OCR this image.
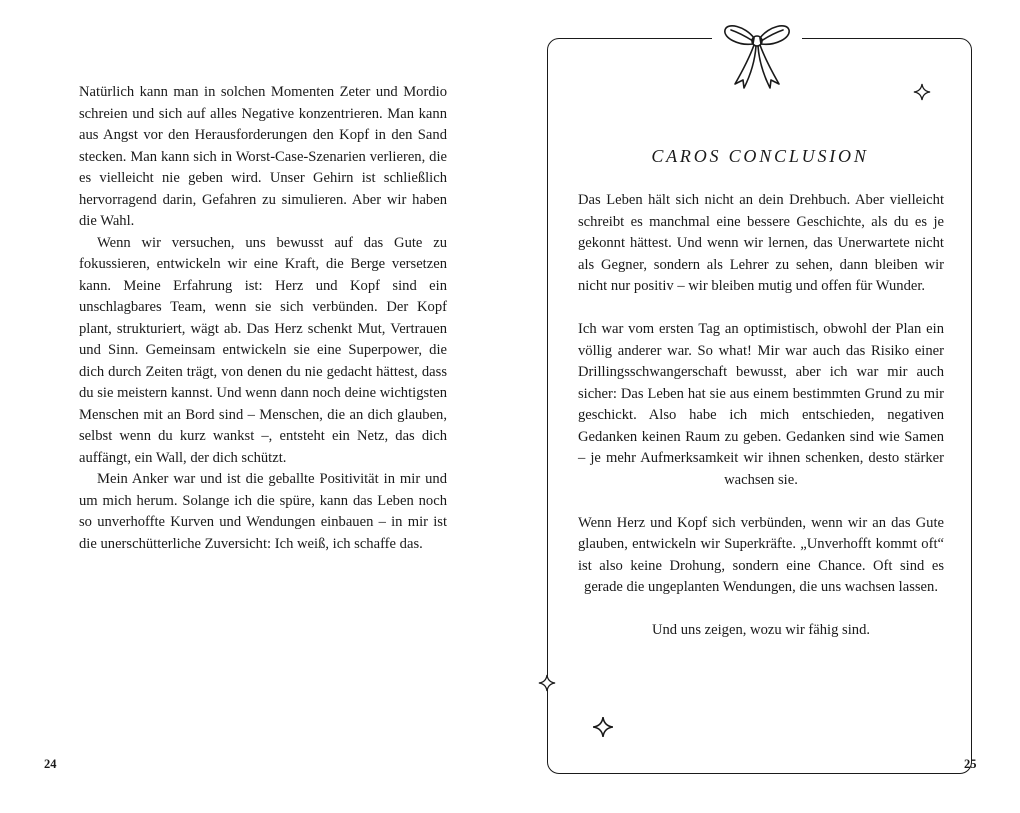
Natürlich kann man in solchen Momenten Zeter und Mordio schreien und sich auf alles Negative konzentrieren. Man kann aus Angst vor den Herausforderungen den Kopf in den Sand stecken. Man kann sich in Worst-Case-Szenarien verlieren, die es vielleicht nie geben wird. Unser Gehirn ist schließlich hervorragend darin, Gefahren zu simulieren. Aber wir haben die Wahl.
Wenn wir versuchen, uns bewusst auf das Gute zu fokussieren, entwickeln wir eine Kraft, die Berge versetzen kann. Meine Erfahrung ist: Herz und Kopf sind ein unschlagbares Team, wenn sie sich verbünden. Der Kopf plant, strukturiert, wägt ab. Das Herz schenkt Mut, Vertrauen und Sinn. Gemeinsam entwickeln sie eine Superpower, die dich durch Zeiten trägt, von denen du nie gedacht hättest, dass du sie meistern kannst. Und wenn dann noch deine wichtigsten Menschen mit an Bord sind – Menschen, die an dich glauben, selbst wenn du kurz wankst –, entsteht ein Netz, das dich auffängt, ein Wall, der dich schützt.
Mein Anker war und ist die geballte Positivität in mir und um mich herum. Solange ich die spüre, kann das Leben noch so unverhoffte Kurven und Wendungen einbauen – in mir ist die unerschütterliche Zuversicht: Ich weiß, ich schaffe das.
24
CAROS CONCLUSION

Das Leben hält sich nicht an dein Drehbuch. Aber vielleicht schreibt es manchmal eine bessere Geschichte, als du es je gekonnt hättest. Und wenn wir lernen, das Unerwartete nicht als Gegner, sondern als Lehrer zu sehen, dann bleiben wir nicht nur positiv – wir bleiben mutig und offen für Wunder.

Ich war vom ersten Tag an optimistisch, obwohl der Plan ein völlig anderer war. So what! Mir war auch das Risiko einer Drillingsschwangerschaft bewusst, aber ich war mir auch sicher: Das Leben hat sie aus einem bestimmten Grund zu mir geschickt. Also habe ich mich entschieden, negativen Gedanken keinen Raum zu geben. Gedanken sind wie Samen – je mehr Aufmerksamkeit wir ihnen schenken, desto stärker wachsen sie.

Wenn Herz und Kopf sich verbünden, wenn wir an das Gute glauben, entwickeln wir Superkräfte. „Unverhofft kommt oft“ ist also keine Drohung, sondern eine Chance. Oft sind es gerade die ungeplanten Wendungen, die uns wachsen lassen.

Und uns zeigen, wozu wir fähig sind.

25
